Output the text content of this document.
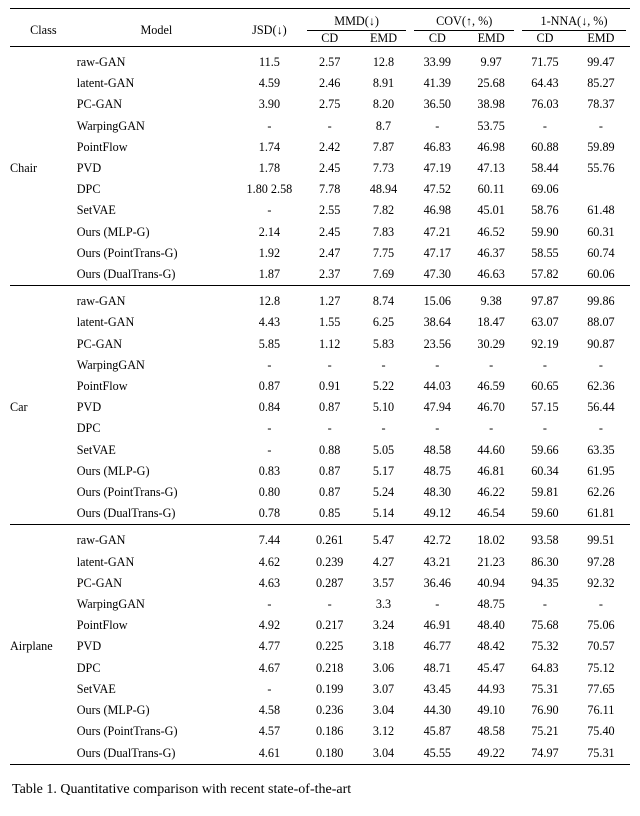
Class	Model	JSD(↓)	MMD(↓)		COV(↑, %)		1-NNA(↓, %)	

			CD	EMD	CD	EMD	CD	EMD

Chair	raw-GAN	11.5	2.57	12.8	33.99	9.97	71.75	99.47
	latent-GAN	4.59	2.46	8.91	41.39	25.68	64.43	85.27
	PC-GAN	3.90	2.75	8.20	36.50	38.98	76.03	78.37
	WarpingGAN	-	-	8.7	-	53.75	-	-
	PointFlow	1.74	2.42	7.87	46.83	46.98	60.88	59.89
	PVD	1.78	2.45	7.73	47.19	47.13	58.44	55.76
	DPC	1.80 2.58	7.78	48.94	47.52	60.11	69.06	
	SetVAE	-	2.55	7.82	46.98	45.01	58.76	61.48
	Ours (MLP-G)	2.14	2.45	7.83	47.21	46.52	59.90	60.31
	Ours (PointTrans-G)	1.92	2.47	7.75	47.17	46.37	58.55	60.74
	Ours (DualTrans-G)	1.87	2.37	7.69	47.30	46.63	57.82	60.06

Car	raw-GAN	12.8	1.27	8.74	15.06	9.38	97.87	99.86
	latent-GAN	4.43	1.55	6.25	38.64	18.47	63.07	88.07
	PC-GAN	5.85	1.12	5.83	23.56	30.29	92.19	90.87
	WarpingGAN	-	-	-	-	-	-	-
	PointFlow	0.87	0.91	5.22	44.03	46.59	60.65	62.36
	PVD	0.84	0.87	5.10	47.94	46.70	57.15	56.44
	DPC	-	-	-	-	-	-	-
	SetVAE	-	0.88	5.05	48.58	44.60	59.66	63.35
	Ours (MLP-G)	0.83	0.87	5.17	48.75	46.81	60.34	61.95
	Ours (PointTrans-G)	0.80	0.87	5.24	48.30	46.22	59.81	62.26
	Ours (DualTrans-G)	0.78	0.85	5.14	49.12	46.54	59.60	61.81

Airplane	raw-GAN	7.44	0.261	5.47	42.72	18.02	93.58	99.51
	latent-GAN	4.62	0.239	4.27	43.21	21.23	86.30	97.28
	PC-GAN	4.63	0.287	3.57	36.46	40.94	94.35	92.32
	WarpingGAN	-	-	3.3	-	48.75	-	-
	PointFlow	4.92	0.217	3.24	46.91	48.40	75.68	75.06
	PVD	4.77	0.225	3.18	46.77	48.42	75.32	70.57
	DPC	4.67	0.218	3.06	48.71	45.47	64.83	75.12
	SetVAE	-	0.199	3.07	43.45	44.93	75.31	77.65
	Ours (MLP-G)	4.58	0.236	3.04	44.30	49.10	76.90	76.11
	Ours (PointTrans-G)	4.57	0.186	3.12	45.87	48.58	75.21	75.40
	Ours (DualTrans-G)	4.61	0.180	3.04	45.55	49.22	74.97	75.31

Table 1. Quantitative comparison with recent state-of-the-art
